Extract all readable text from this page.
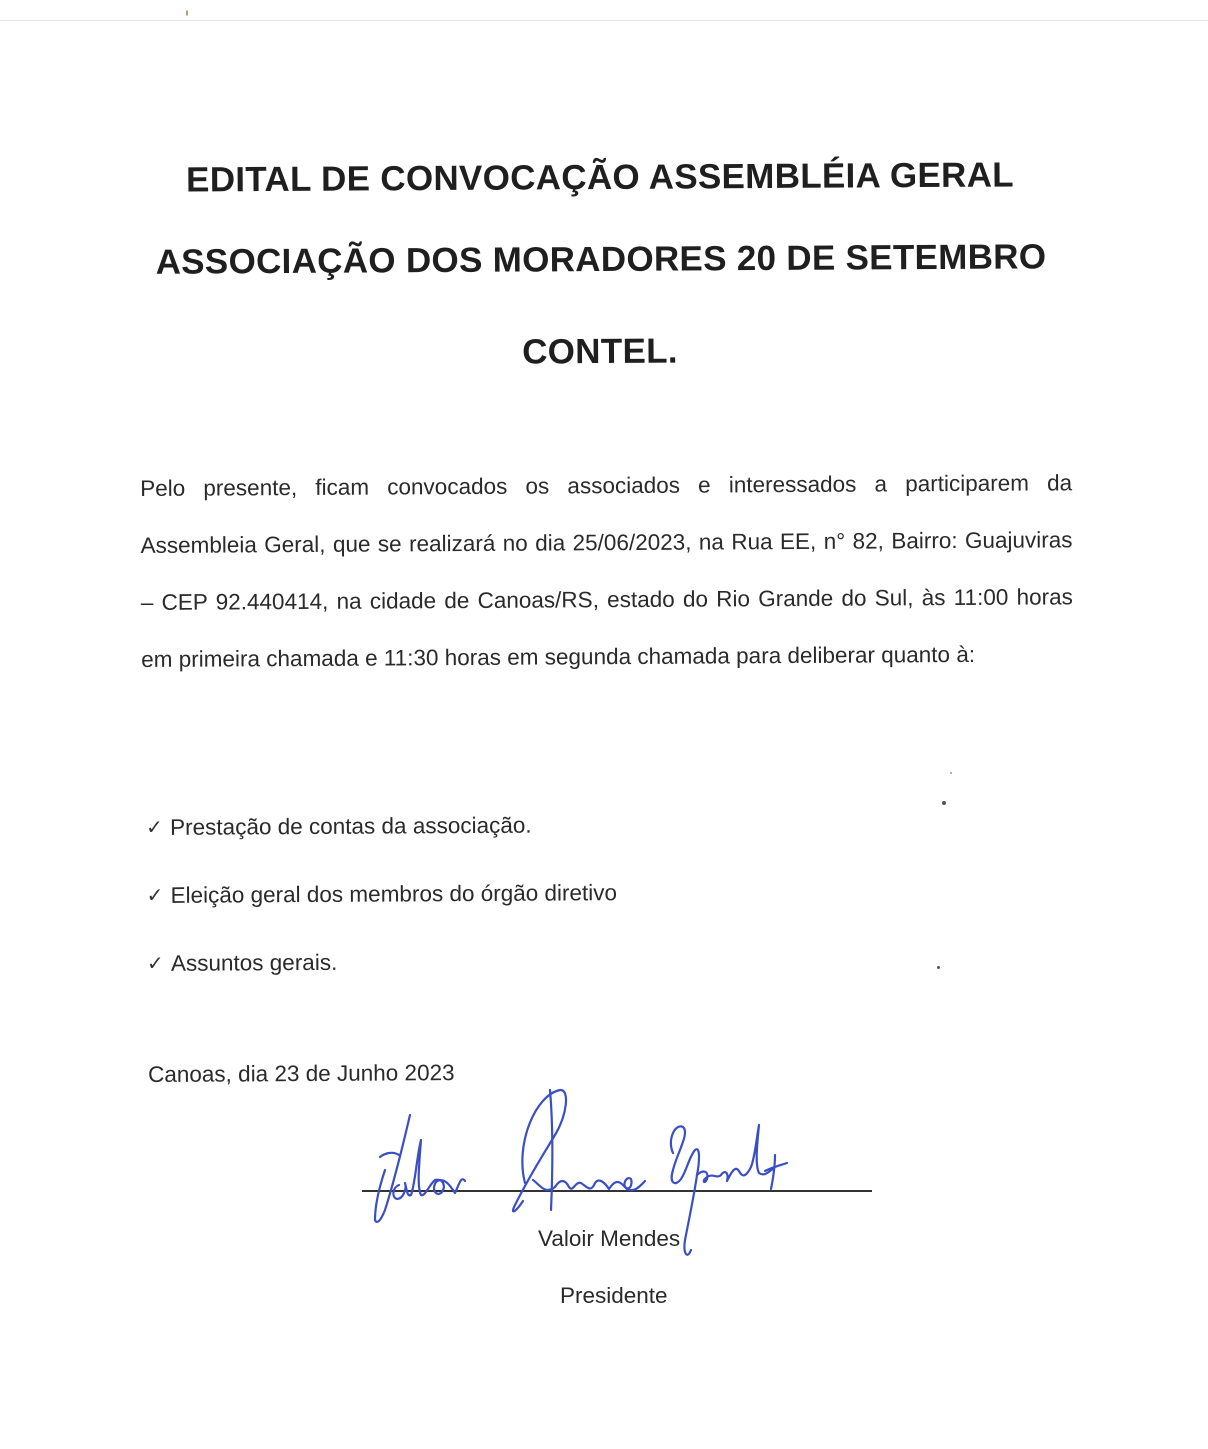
EDITAL DE CONVOCAÇÃO ASSEMBLÉIA GERAL
ASSOCIAÇÃO DOS MORADORES 20 DE SETEMBRO
CONTEL.
Pelo presente, ficam convocados os associados e interessados a participarem da Assembleia Geral, que se realizará no dia 25/06/2023, na Rua EE, n° 82, Bairro: Guajuviras – CEP 92.440414, na cidade de Canoas/RS, estado do Rio Grande do Sul, às 11:00 horas em primeira chamada e 11:30 horas em segunda chamada para deliberar quanto à:
✓ Prestação de contas da associação.
✓ Eleição geral dos membros do órgão diretivo
✓ Assuntos gerais.
Canoas, dia 23 de Junho 2023
Valoir Mendes
Presidente
